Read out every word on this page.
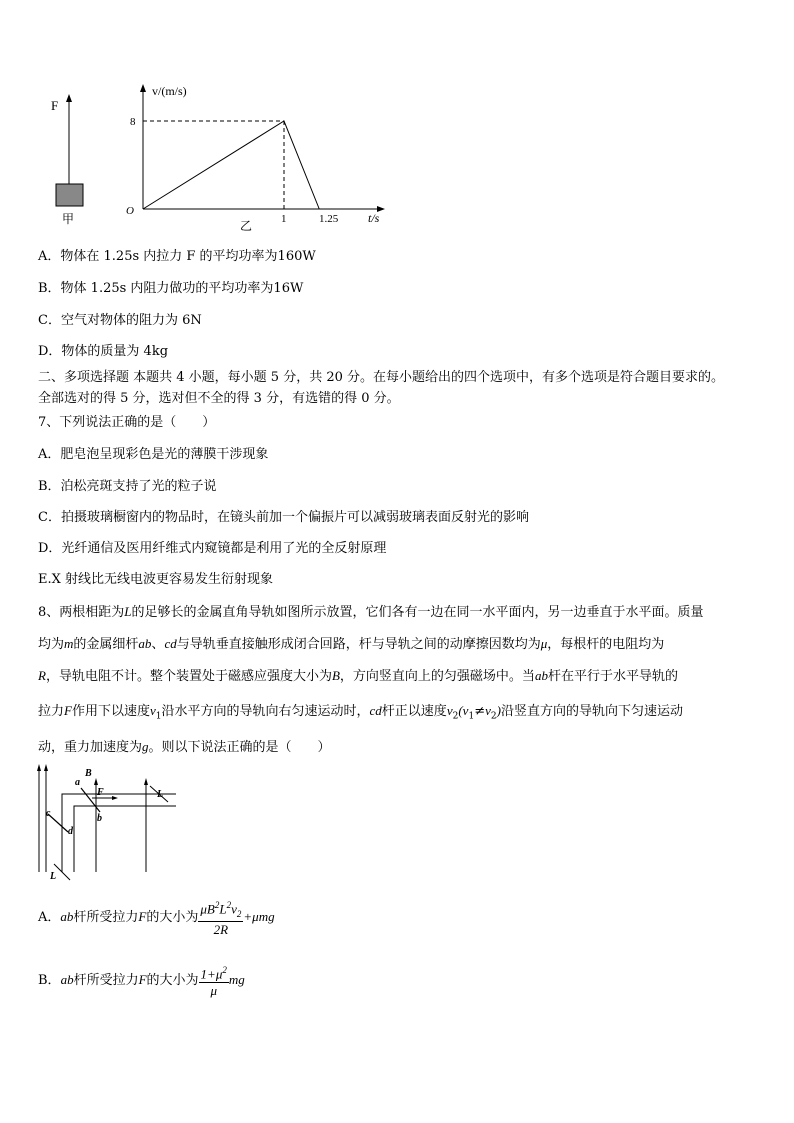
F
甲
v/(m/s)
O
8
1	1.25 t/s
乙
A．物体在 1.25s 内拉力 F 的平均功率为160W
B．物体 1.25s 内阻力做功的平均功率为16W
C．空气对物体的阻力为 6N
D．物体的质量为 4kg
二、多项选择题 本题共 4 小题，每小题 5 分，共 20 分。在每小题给出的四个选项中，有多个选项是符合题目要求的。
全部选对的得 5 分，选对但不全的得 3 分，有选错的得 0 分。
7、下列说法正确的是（　　）
A．肥皂泡呈现彩色是光的薄膜干涉现象
B．泊松亮斑支持了光的粒子说
C．拍摄玻璃橱窗内的物品时，在镜头前加一个偏振片可以减弱玻璃表面反射光的影响
D．光纤通信及医用纤维式内窥镜都是利用了光的全反射原理
E.X 射线比无线电波更容易发生衍射现象
8、两根相距为L的足够长的金属直角导轨如图所示放置，它们各有一边在同一水平面内，另一边垂直于水平面。质量
均为m的金属细杆ab、cd与导轨垂直接触形成闭合回路，杆与导轨之间的动摩擦因数均为μ，每根杆的电阻均为
R，导轨电阻不计。整个装置处于磁感应强度大小为B，方向竖直向上的匀强磁场中。当ab杆在平行于水平导轨的
拉力F作用下以速度$v_1$沿水平方向的导轨向右匀速运动时，cd杆正以速度$v_2(v_1\ne v_2)$沿竖直方向的导轨向下匀速运动
动，重力加速度为g。则以下说法正确的是（　　）
a
b
B
F
c
d
L
L
A．ab杆所受拉力F的大小为 $\frac{\mu B^2L^2v_2}{2R} +\mu mg$
B．ab杆所受拉力F的大小为 $\frac{1+\mu^2}{\mu}$ mg
